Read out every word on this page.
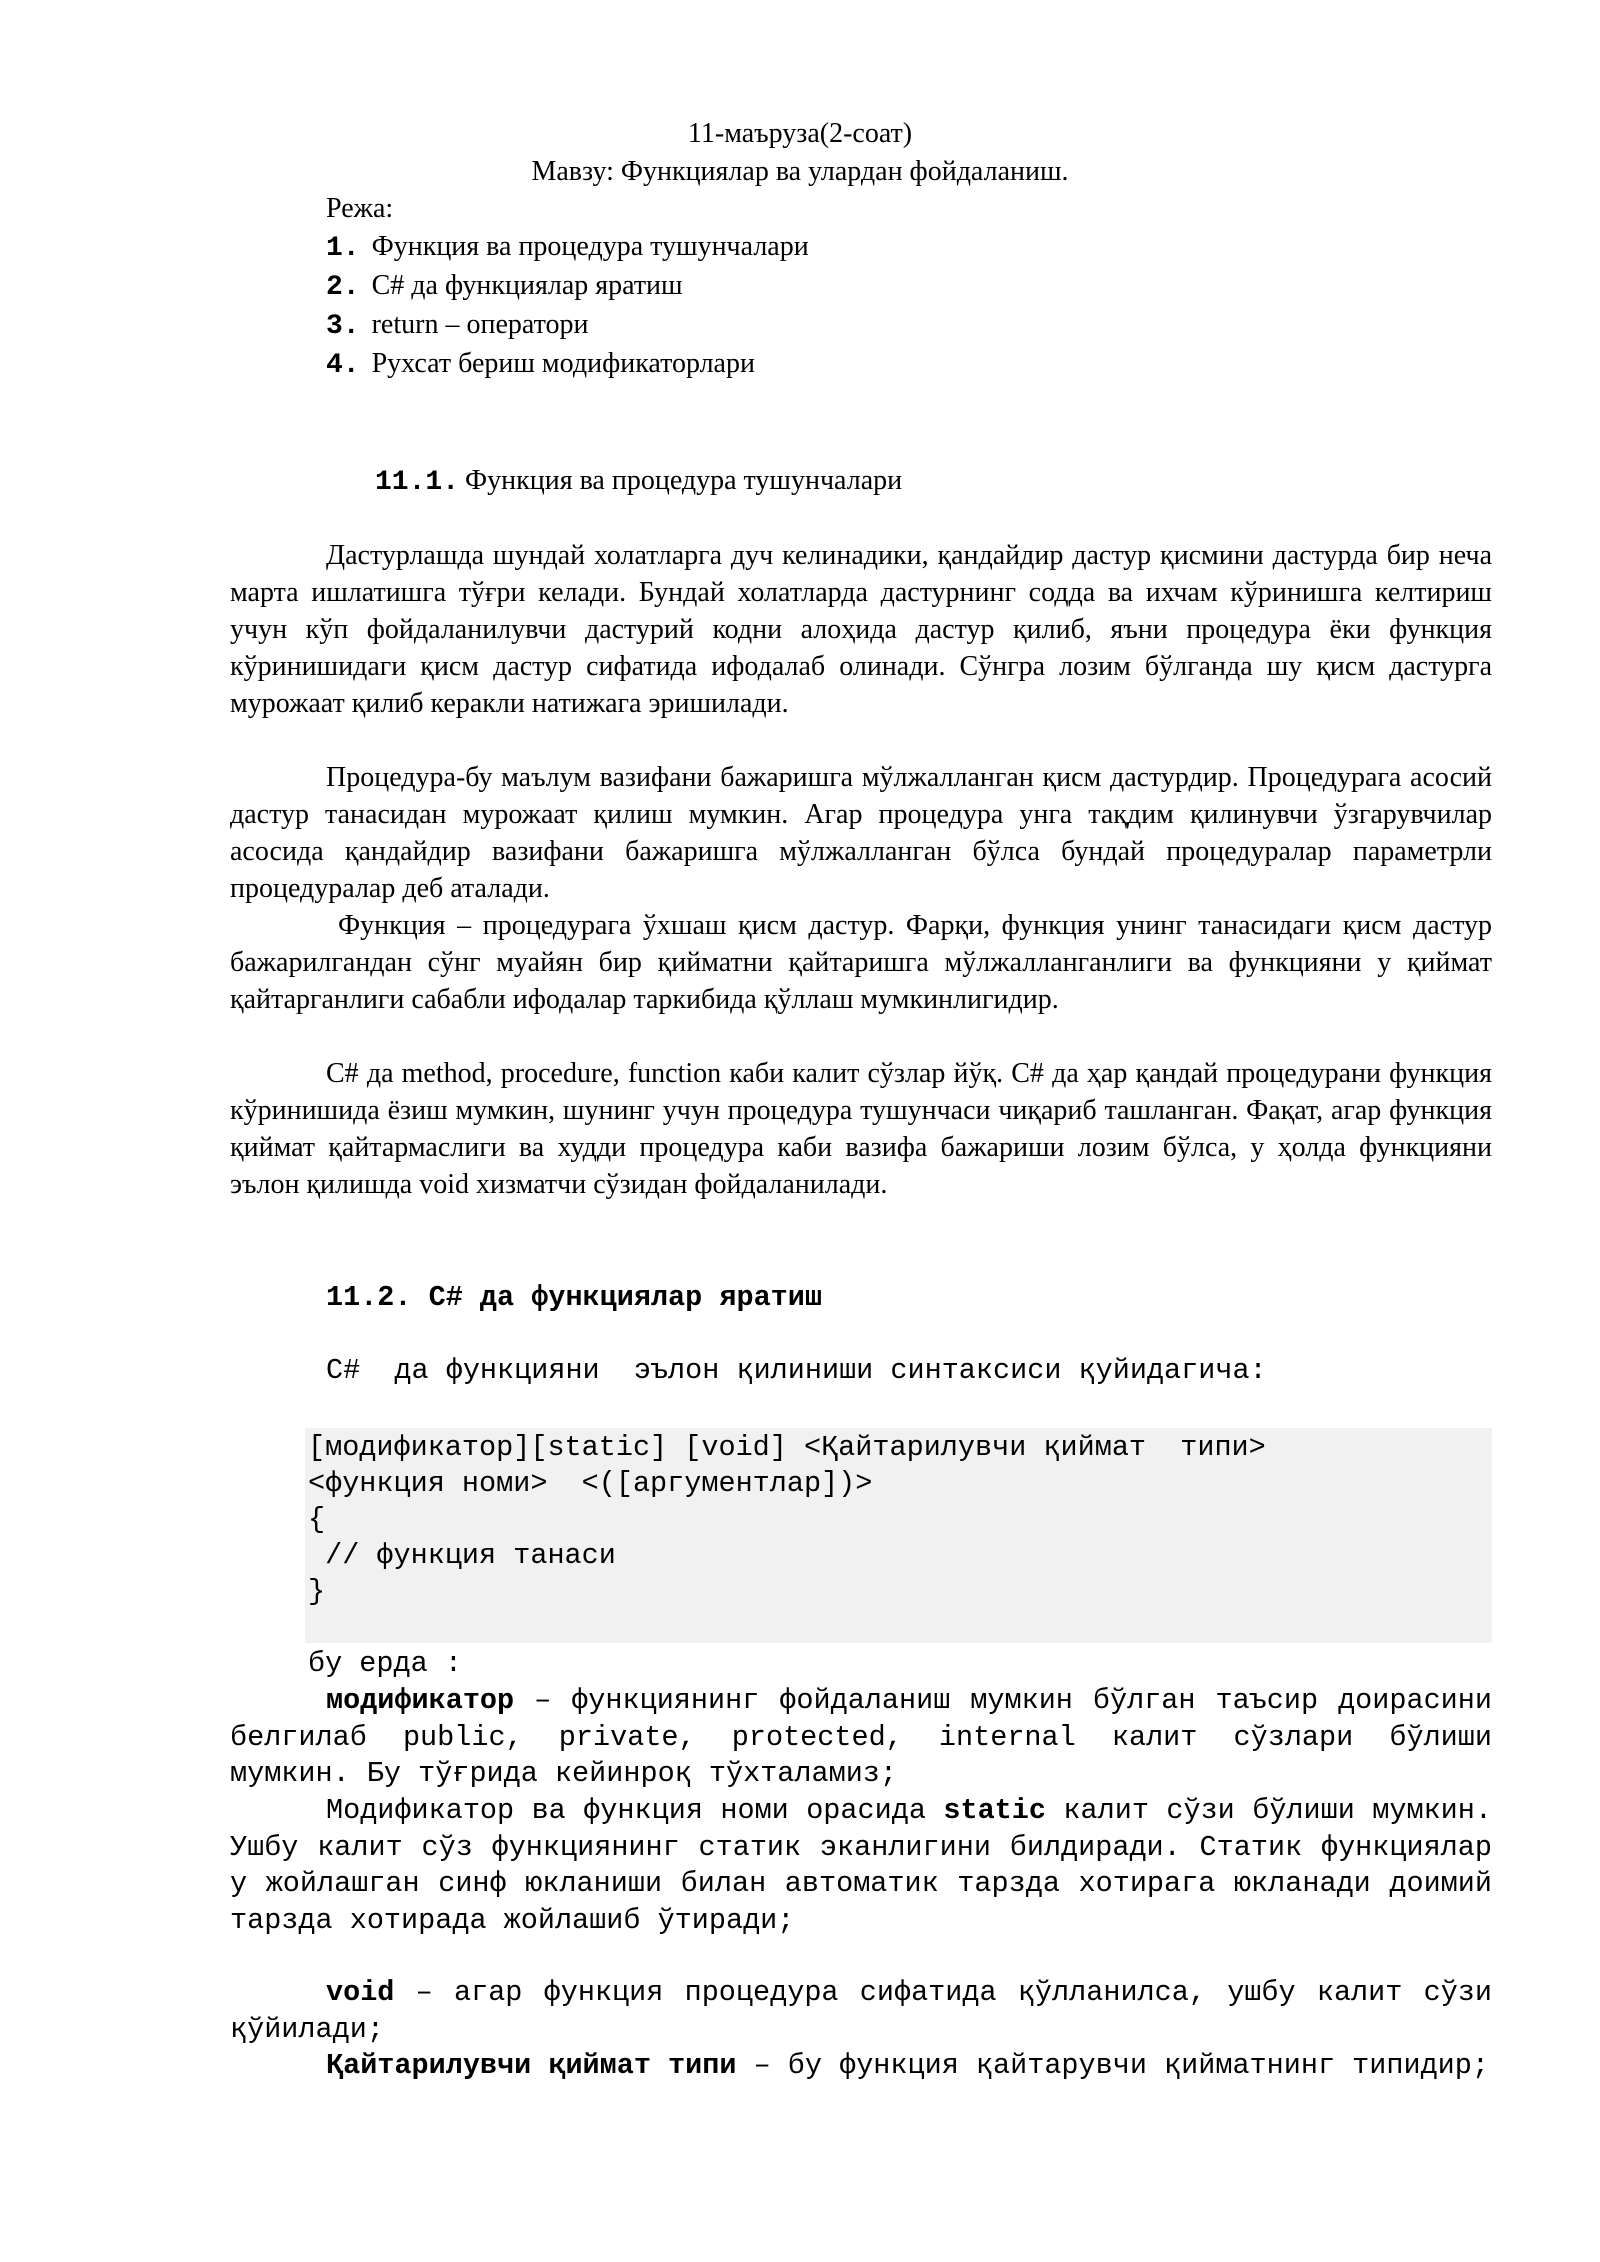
11-маъруза(2-соат)
Мавзу: Функциялар ва улардан фойдаланиш.
Режа:
1. Функция ва процедура тушунчалари
2. C# да функциялар яратиш
3. return – оператори
4. Рухсат бериш модификаторлари
11.1. Функция ва процедура тушунчалари

Дастурлашда шундай холатларга дуч келинадики, қандайдир дастур қисмини дастурда бир неча марта ишлатишга тўғри келади. Бундай холатларда дастурнинг содда ва ихчам кўринишга келтириш учун кўп фойдаланилувчи дастурий кодни алоҳида дастур қилиб, яъни процедура ёки функция кўринишидаги қисм дастур сифатида ифодалаб олинади. Сўнгра лозим бўлганда шу қисм дастурга мурожаат қилиб керакли натижага эришилади.

Процедура-бу маълум вазифани бажаришга мўлжалланган қисм дастурдир. Процедурага асосий дастур танасидан мурожаат қилиш мумкин. Агар процедура унга тақдим қилинувчи ўзгарувчилар асосида қандайдир вазифани бажаришга мўлжалланган бўлса бундай процедуралар параметрли процедуралар деб аталади.

Функция – процедурага ўхшаш қисм дастур. Фарқи, функция унинг танасидаги қисм дастур бажарилгандан сўнг муайян бир қийматни қайтаришга мўлжалланганлиги ва функцияни у қиймат қайтарганлиги сабабли ифодалар таркибида қўллаш мумкинлигидир.

C# да method, procedure, function каби калит сўзлар йўқ. C# да ҳар қандай процедурани функция кўринишида ёзиш мумкин, шунинг учун процедура тушунчаси чиқариб ташланган. Фақат, агар функция қиймат қайтармаслиги ва худди процедура каби вазифа бажариши лозим бўлса, у ҳолда функцияни эълон қилишда void хизматчи сўзидан фойдаланилади.

11.2. C# да функциялар яратиш
C#  да функцияни  эълон қилиниши синтаксиси қуйидагича:
[модификатор][static] [void] <Қайтарилувчи қиймат  типи>
<функция номи>  <([аргументлар])>
{
// функция танаси
}
бу ерда :

модификатор – функциянинг фойдаланиш мумкин бўлган таъсир доирасини белгилаб public, private, protected, internal калит сўзлари бўлиши мумкин. Бу тўғрида кейинроқ тўхталамиз;

Модификатор ва функция номи орасида static калит сўзи бўлиши мумкин. Ушбу калит сўз функциянинг статик эканлигини билдиради. Статик функциялар у жойлашган синф юкланиши билан автоматик тарзда хотирага юкланади доимий тарзда хотирада жойлашиб ўтиради;

void – агар функция процедура сифатида қўлланилса, ушбу калит сўзи қўйилади;

Қайтарилувчи қиймат типи – бу функция қайтарувчи қийматнинг типидир;
